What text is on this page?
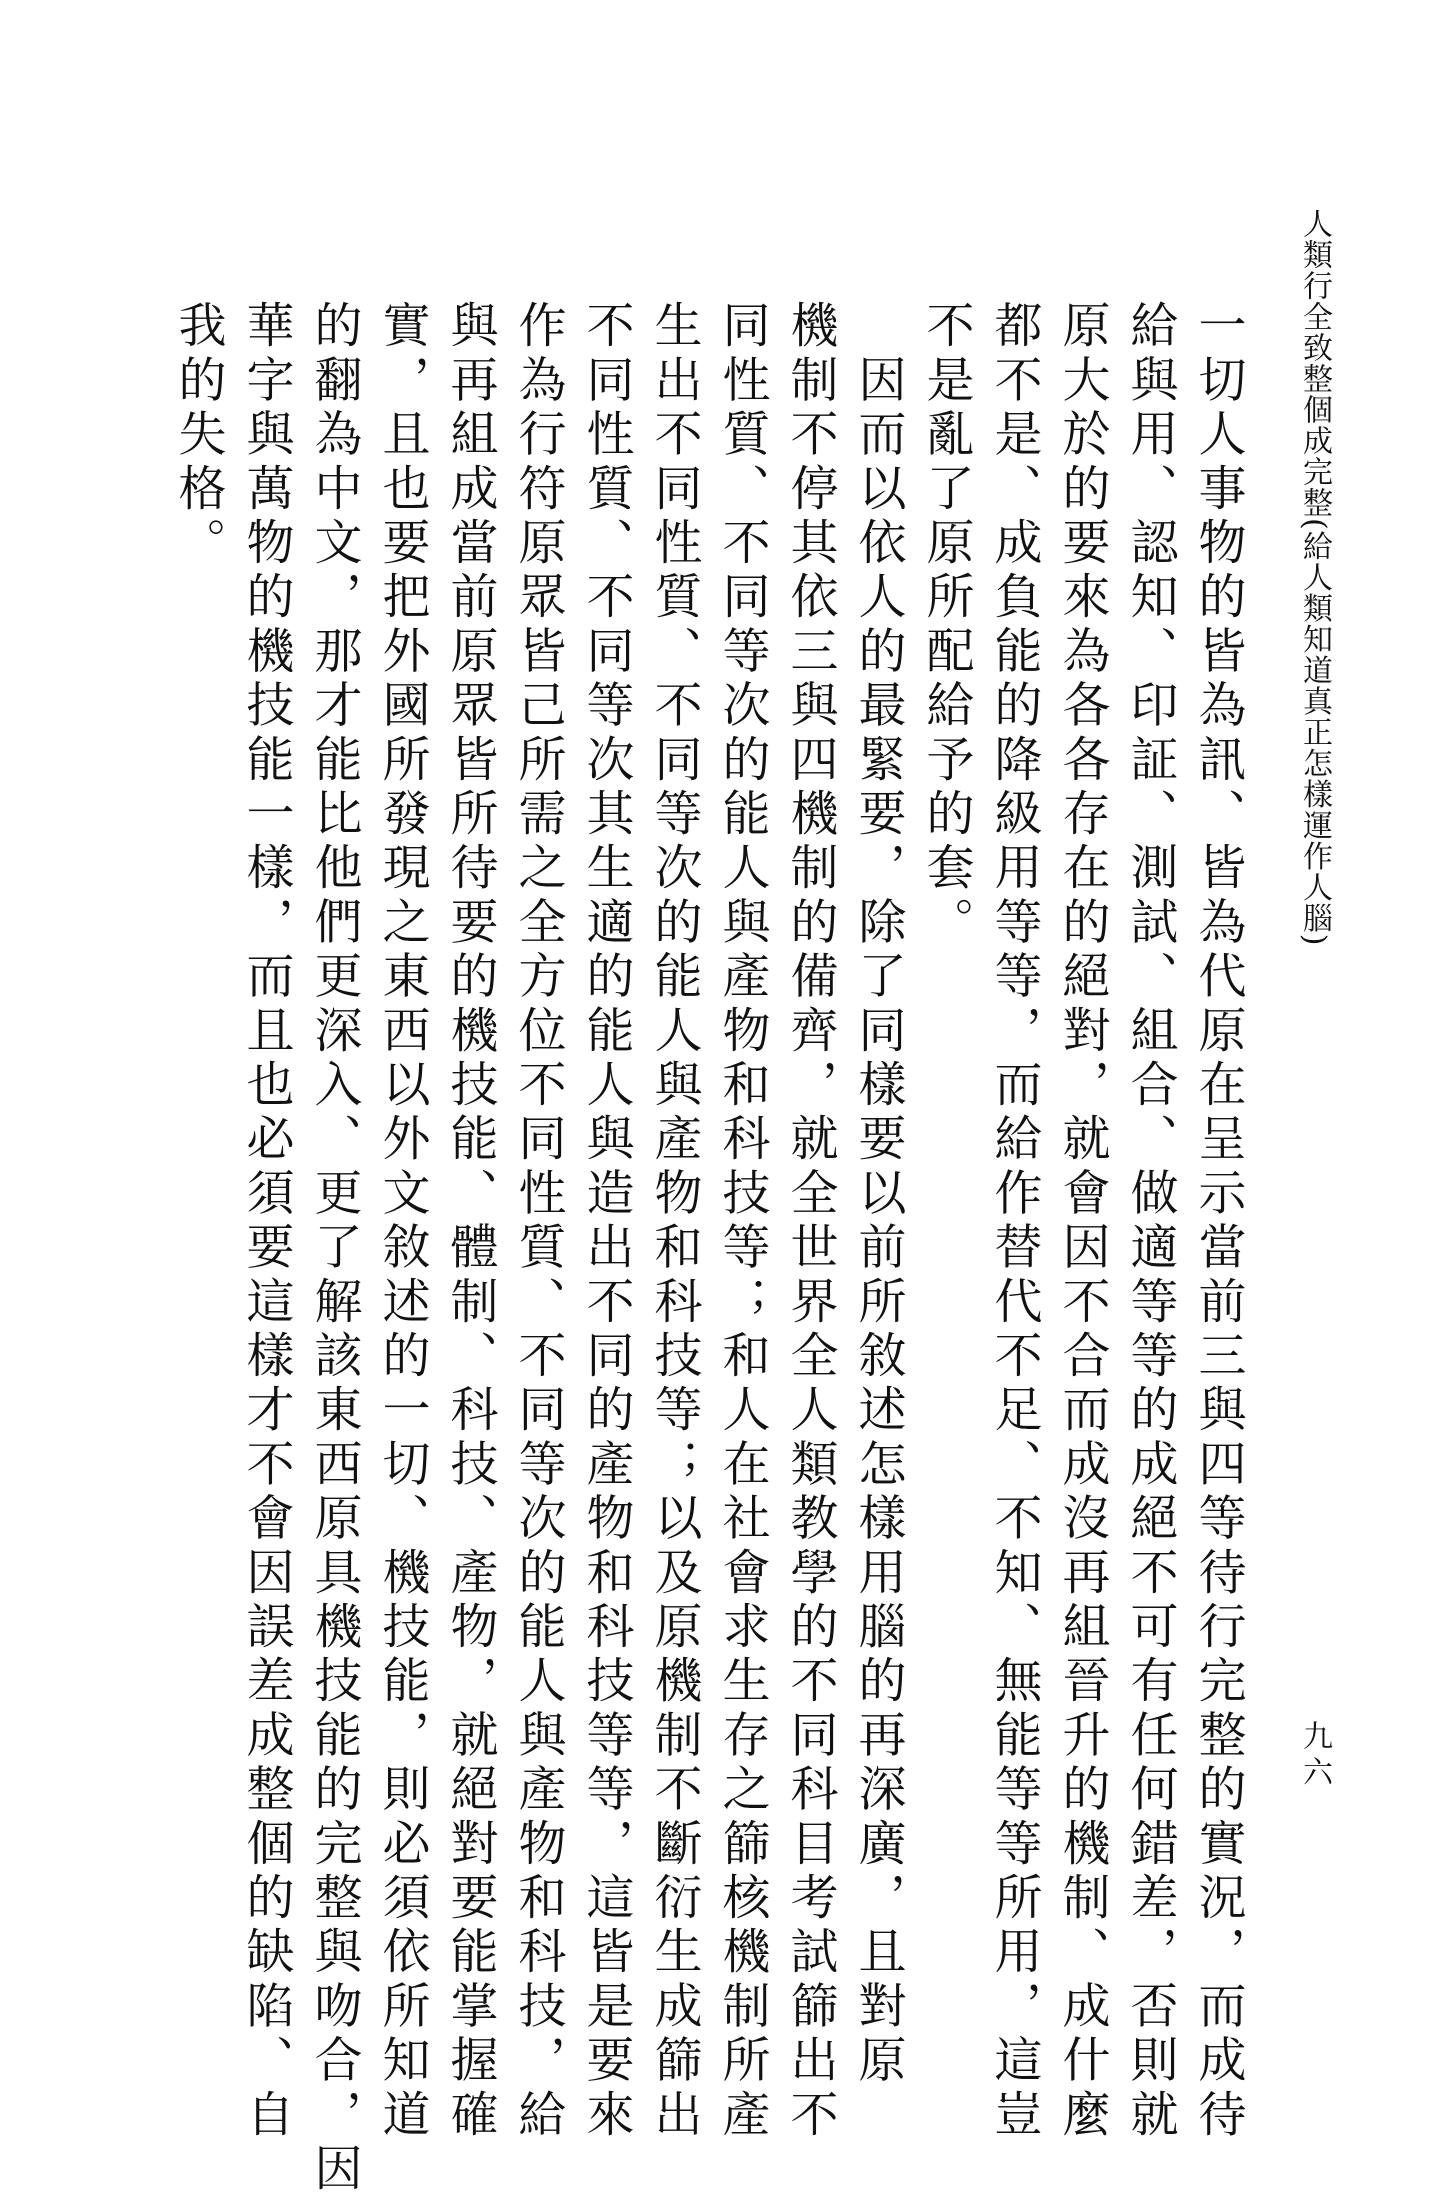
人類行全致整個成完整(給人類知道真正怎樣運作人腦)
九六
一切人事物的皆為訊、皆為代原在呈示當前三與四等待行完整的實況，而成待
給與用、認知、印証、測試、組合、做適等等的成絕不可有任何錯差，否則就
原大於的要來為各各存在的絕對，就會因不合而成沒再組晉升的機制、成什麼
都不是、成負能的降級用等等，而給作替代不足、不知、無能等等所用，這豈
不是亂了原所配給予的套。
　因而以依人的最緊要，除了同樣要以前所敘述怎樣用腦的再深廣，且對原
機制不停其依三與四機制的備齊，就全世界全人類教學的不同科目考試篩出不
同性質、不同等次的能人與產物和科技等；和人在社會求生存之篩核機制所產
生出不同性質、不同等次的能人與產物和科技等；以及原機制不斷衍生成篩出
不同性質、不同等次其生適的能人與造出不同的產物和科技等等，這皆是要來
作為行符原眾皆己所需之全方位不同性質、不同等次的能人與產物和科技，給
與再組成當前原眾皆所待要的機技能、體制、科技、產物，就絕對要能掌握確
實，且也要把外國所發現之東西以外文敘述的一切、機技能，則必須依所知道
的翻為中文，那才能比他們更深入、更了解該東西原具機技能的完整與吻合，因
華字與萬物的機技能一樣，而且也必須要這樣才不會因誤差成整個的缺陷、自
我的失格。
